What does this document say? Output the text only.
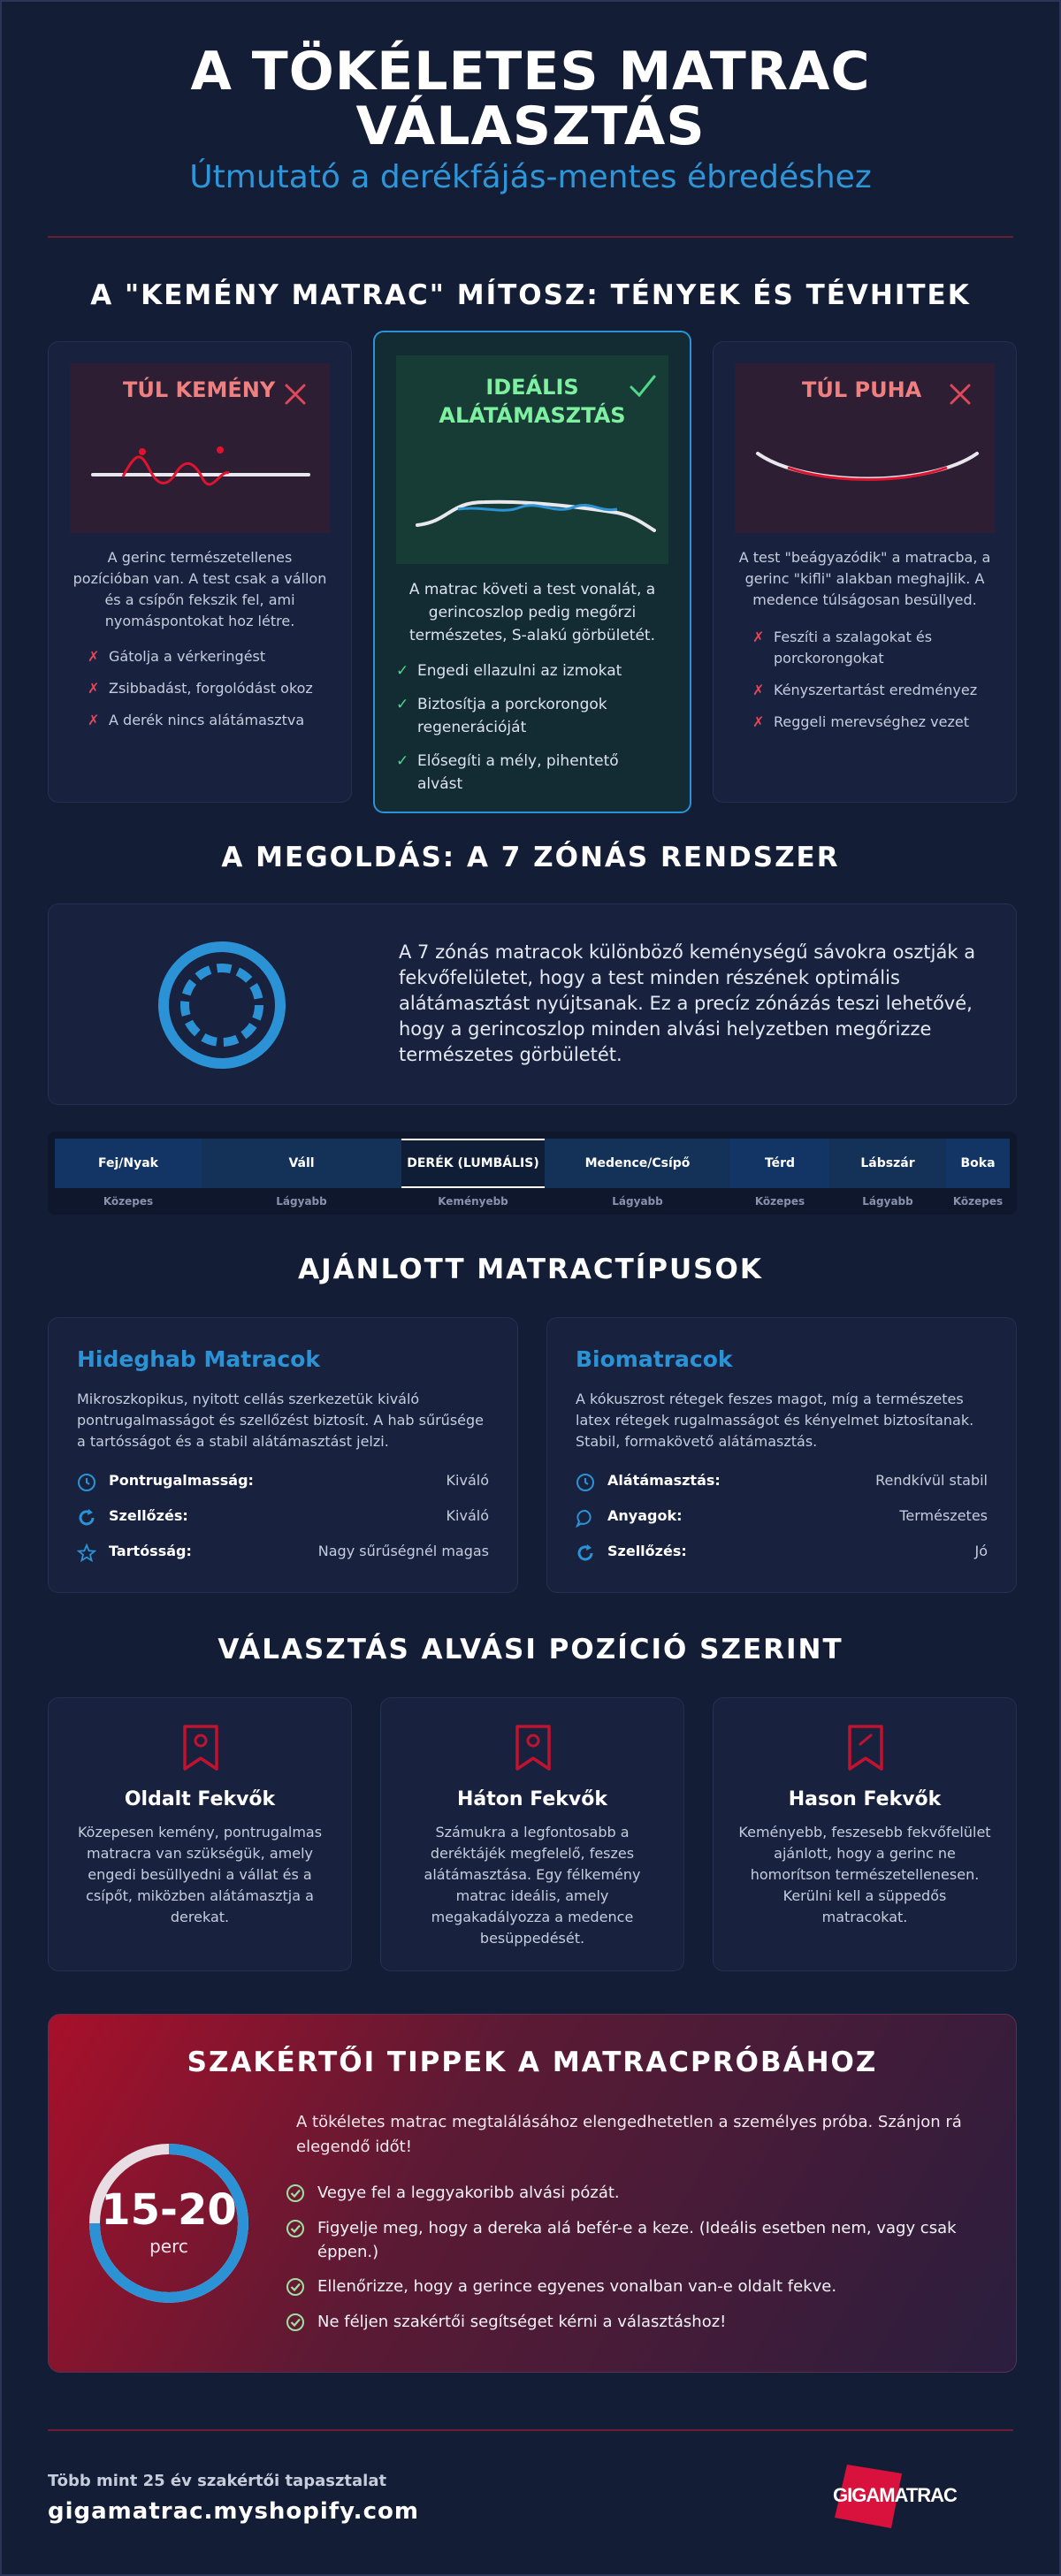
A TÖKÉLETES MATRAC
VÁLASZTÁS
Útmutató a derékfájás-mentes ébredéshez
A "KEMÉNY MATRAC" MÍTOSZ: TÉNYEK ÉS TÉVHITEK
TÚL KEMÉNY
A gerinc természetellenes pozícióban van. A test csak a vállon és a csípőn fekszik fel, ami nyomáspontokat hoz létre.
✗ Gátolja a vérkeringést
✗ Zsibbadást, forgolódást okoz
✗ A derék nincs alátámasztva
IDEÁLIS
ALÁTÁMASZTÁS
A matrac követi a test vonalát, a gerincoszlop pedig megőrzi természetes, S-alakú görbületét.
✓ Engedi ellazulni az izmokat
✓ Biztosítja a porckorongok regenerációját
✓ Elősegíti a mély, pihentető alvást
TÚL PUHA
A test "beágyazódik" a matracba, a gerinc "kifli" alakban meghajlik. A medence túlságosan besüllyed.
✗ Feszíti a szalagokat és porckorongokat
✗ Kényszertartást eredményez
✗ Reggeli merevséghez vezet
A MEGOLDÁS: A 7 ZÓNÁS RENDSZER
A 7 zónás matracok különböző keménységű sávokra osztják a fekvőfelületet, hogy a test minden részének optimális alátámasztást nyújtsanak. Ez a precíz zónázás teszi lehetővé, hogy a gerincoszlop minden alvási helyzetben megőrizze természetes görbületét.
Fej/Nyak
Közepes
Váll
Lágyabb
DERÉK (LUMBÁLIS)
Keményebb
Medence/Csípő
Lágyabb
Térd
Közepes
Lábszár
Lágyabb
Boka
Közepes
AJÁNLOTT MATRACTÍPUSOK
Hideghab Matracok
Mikroszkopikus, nyitott cellás szerkezetük kiváló pontrugalmasságot és szellőzést biztosít. A hab sűrűsége a tartósságot és a stabil alátámasztást jelzi.
Pontrugalmasság:	Kiváló
Szellőzés:	Kiváló
Tartósság:	Nagy sűrűségnél magas
Biomatracok
A kókuszrost rétegek feszes magot, míg a természetes latex rétegek rugalmasságot és kényelmet biztosítanak. Stabil, formakövető alátámasztás.
Alátámasztás:	Rendkívül stabil
Anyagok:	Természetes
Szellőzés:	Jó
VÁLASZTÁS ALVÁSI POZÍCIÓ SZERINT
Oldalt Fekvők
Közepesen kemény, pontrugalmas matracra van szükségük, amely engedi besüllyedni a vállat és a csípőt, miközben alátámasztja a derekat.
Háton Fekvők
Számukra a legfontosabb a deréktájék megfelelő, feszes alátámasztása. Egy félkemény matrac ideális, amely megakadályozza a medence besüppedését.
Hason Fekvők
Keményebb, feszesebb fekvőfelület ajánlott, hogy a gerinc ne homorítson természetellenesen. Kerülni kell a süppedős matracokat.
SZAKÉRTŐI TIPPEK A MATRACPRÓBÁHOZ
15-20
perc
A tökéletes matrac megtalálásához elengedhetetlen a személyes próba. Szánjon rá elegendő időt!
Vegye fel a leggyakoribb alvási pózát.
Figyelje meg, hogy a dereka alá befér-e a keze. (Ideális esetben nem, vagy csak éppen.)
Ellenőrizze, hogy a gerince egyenes vonalban van-e oldalt fekve.
Ne féljen szakértői segítséget kérni a választáshoz!
Több mint 25 év szakértői tapasztalat
gigamatrac.myshopify.com
GIGAMATRAC
